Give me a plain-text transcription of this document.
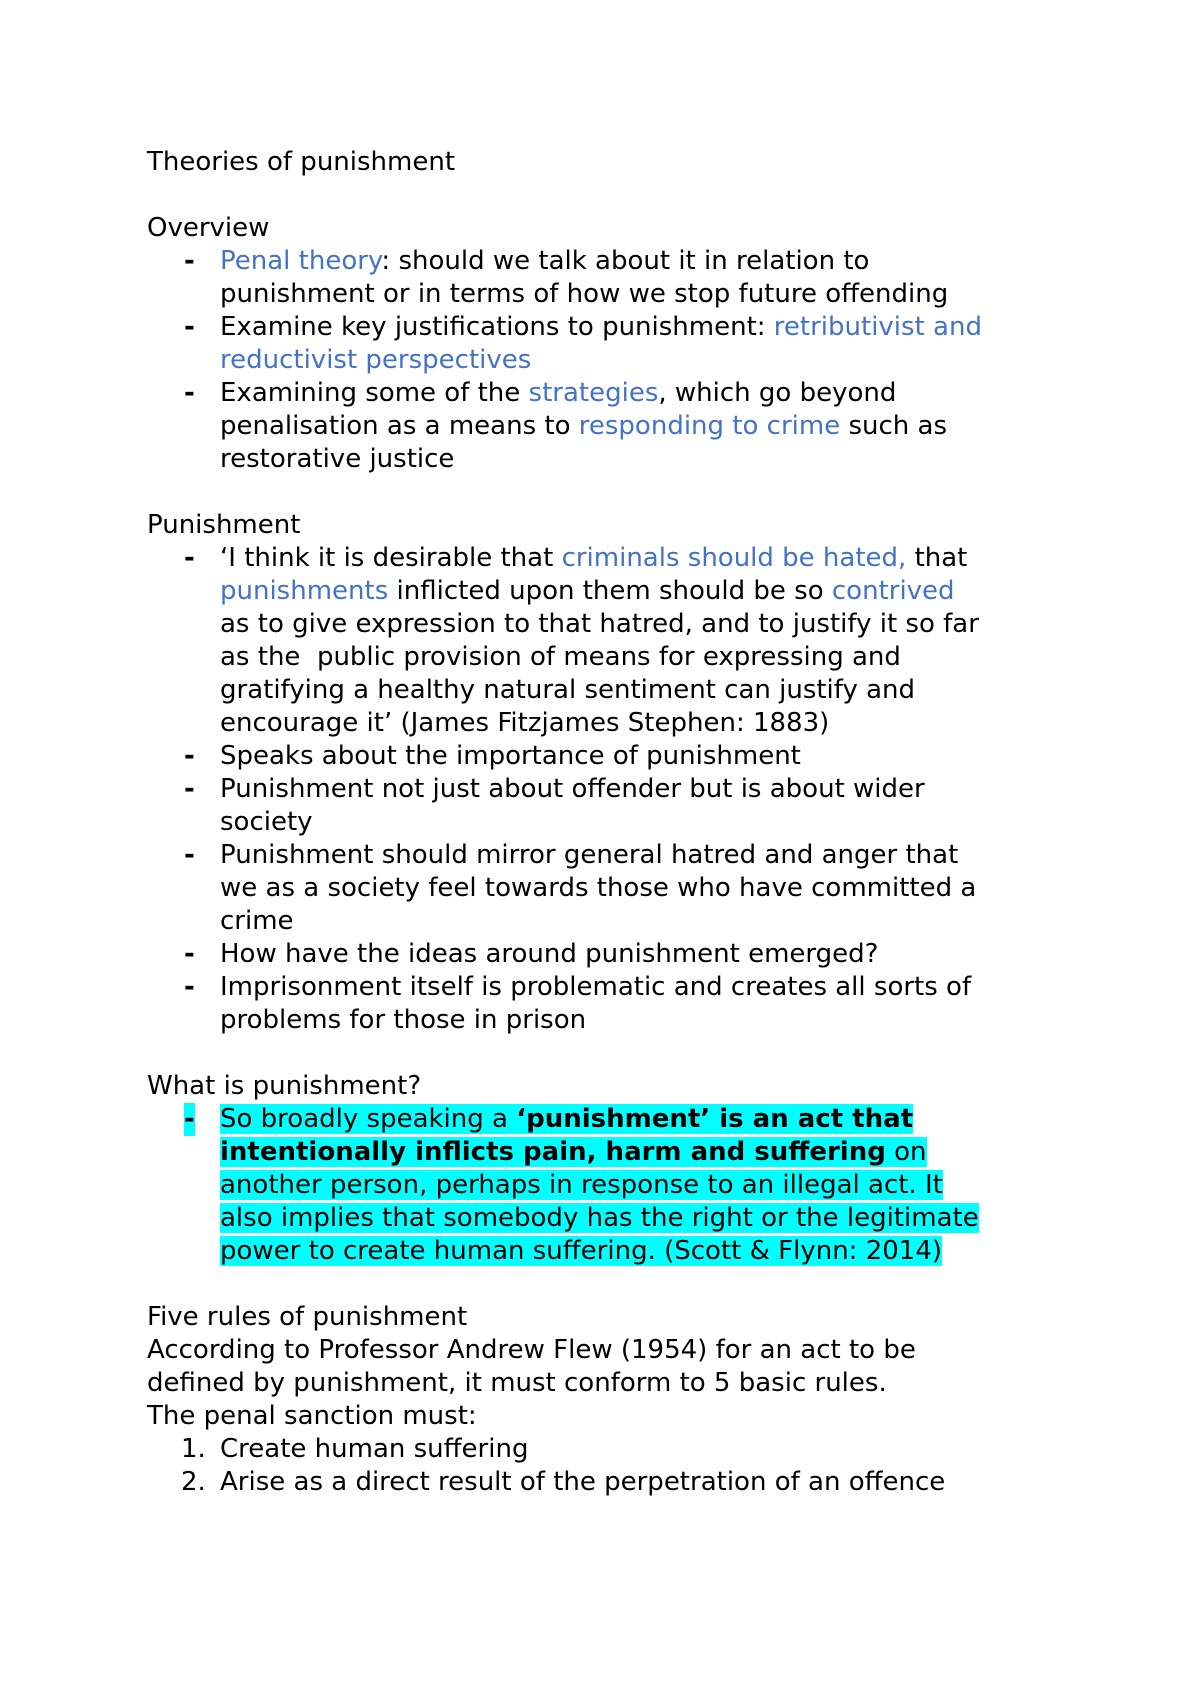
Theories of punishment
Overview
- Penal theory: should we talk about it in relation to
punishment or in terms of how we stop future offending
- Examine key justifications to punishment: retributivist and
reductivist perspectives
- Examining some of the strategies, which go beyond
penalisation as a means to responding to crime such as
restorative justice
Punishment
- ‘I think it is desirable that criminals should be hated, that
punishments inflicted upon them should be so contrived
as to give expression to that hatred, and to justify it so far
as the  public provision of means for expressing and
gratifying a healthy natural sentiment can justify and
encourage it’ (James Fitzjames Stephen: 1883)
- Speaks about the importance of punishment
- Punishment not just about offender but is about wider
society
- Punishment should mirror general hatred and anger that
we as a society feel towards those who have committed a
crime
- How have the ideas around punishment emerged?
- Imprisonment itself is problematic and creates all sorts of
problems for those in prison
What is punishment?
- So broadly speaking a ‘punishment’ is an act that
intentionally inflicts pain, harm and suffering on
another person, perhaps in response to an illegal act. It
also implies that somebody has the right or the legitimate
power to create human suffering. (Scott & Flynn: 2014)
Five rules of punishment
According to Professor Andrew Flew (1954) for an act to be
defined by punishment, it must conform to 5 basic rules.
The penal sanction must:
1. Create human suffering
2. Arise as a direct result of the perpetration of an offence
